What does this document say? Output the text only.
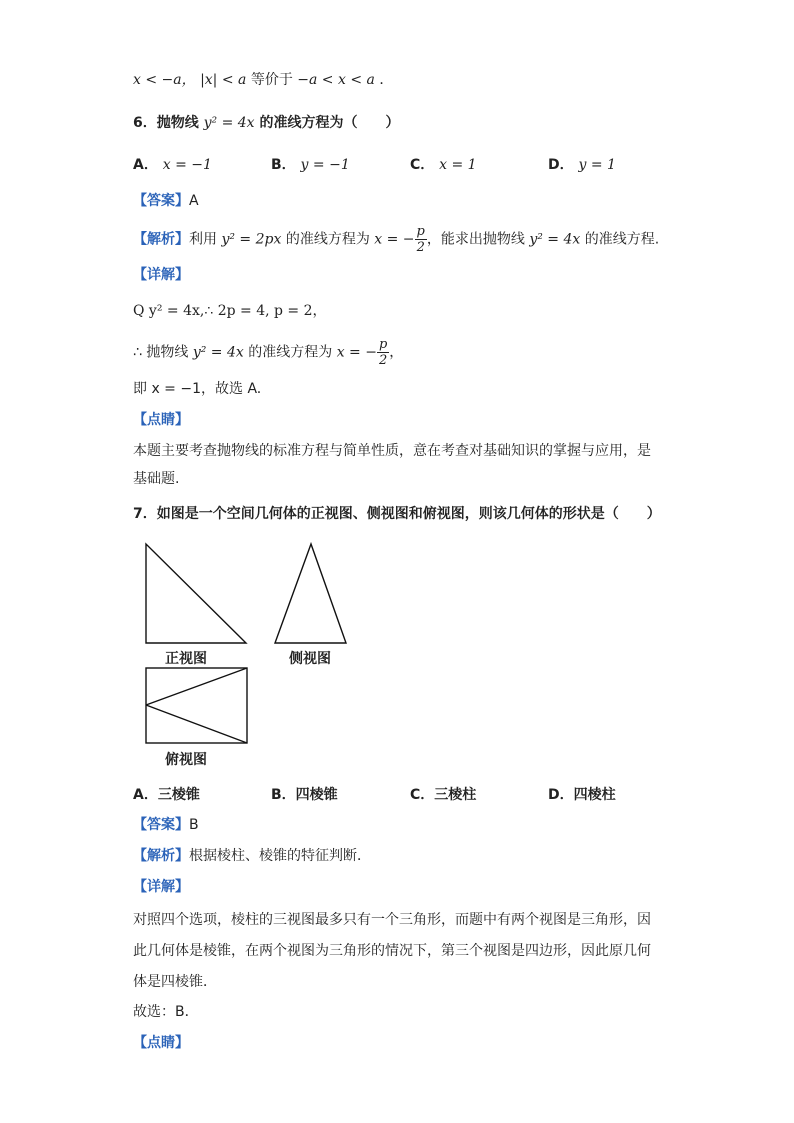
x < −a， |x| < a 等价于 −a < x < a ．
6．抛物线 y² = 4x 的准线方程为（　　）
A． x = −1	B． y = −1	C． x = 1	D． y = 1
【答案】A
【解析】利用 y² = 2px 的准线方程为 x = − $\frac{p}{2}$ ，能求出抛物线 y² = 4x 的准线方程.
【详解】
Q y² = 4x,∴ 2p = 4, p = 2，
∴ 抛物线 y² = 4x 的准线方程为 x = − $\frac{p}{2}$ ，
即 x = −1，故选 A.
【点睛】
本题主要考查抛物线的标准方程与简单性质，意在考查对基础知识的掌握与应用，是基础题.
7．如图是一个空间几何体的正视图、侧视图和俯视图，则该几何体的形状是（　　）
正视图	侧视图
俯视图
A．三棱锥	B．四棱锥	C．三棱柱	D．四棱柱
【答案】B
【解析】根据棱柱、棱锥的特征判断．
【详解】
对照四个选项，棱柱的三视图最多只有一个三角形，而题中有两个视图是三角形，因此几何体是棱锥，在两个视图为三角形的情况下，第三个视图是四边形，因此原几何体是四棱锥．
故选：B．
【点睛】
